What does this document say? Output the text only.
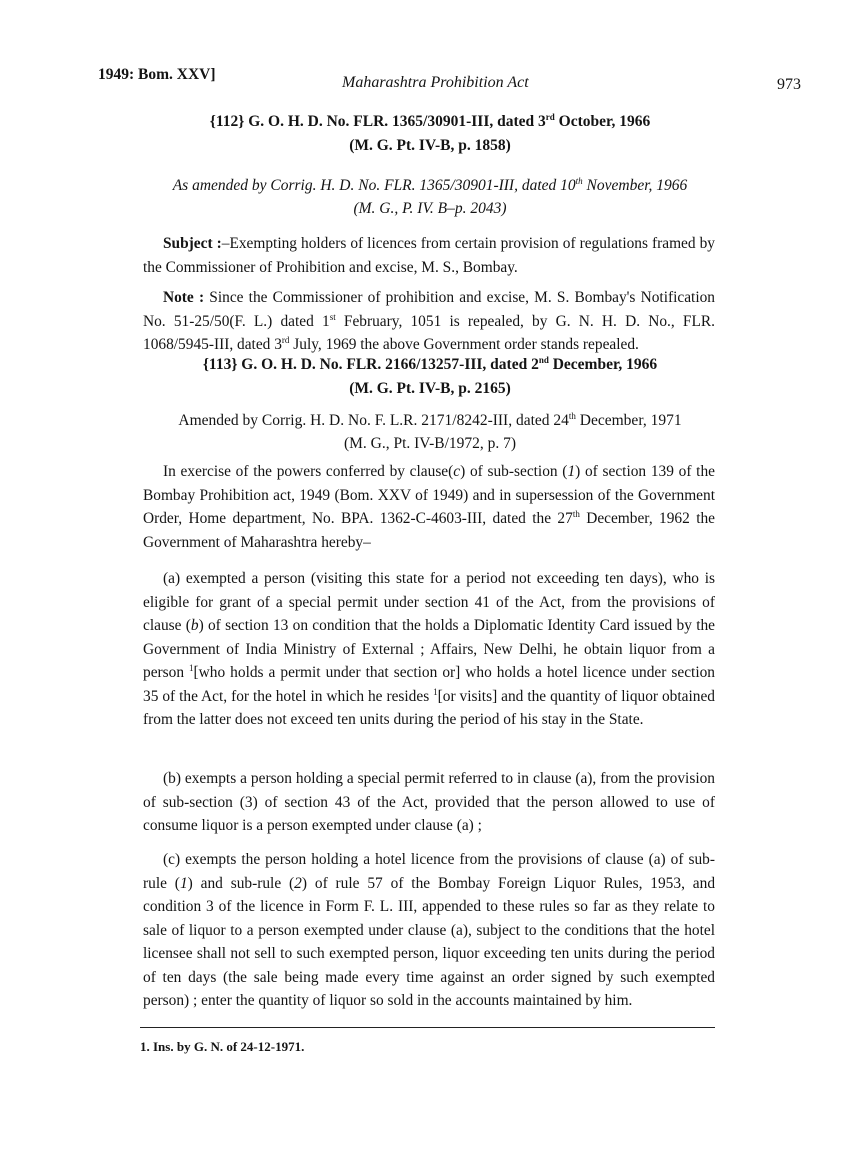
1949: Bom. XXV]	Maharashtra Prohibition Act	973
{112} G. O. H. D. No. FLR. 1365/30901-III, dated 3rd October, 1966
(M. G. Pt. IV-B, p. 1858)
As amended by Corrig. H. D. No. FLR. 1365/30901-III, dated 10th November, 1966
(M. G., P. IV. B–p. 2043)
Subject :–Exempting holders of licences from certain provision of regulations framed by the Commissioner of Prohibition and excise, M. S., Bombay.
Note : Since the Commissioner of prohibition and excise, M. S. Bombay's Notification No. 51-25/50(F. L.) dated 1st February, 1051 is repealed, by G. N. H. D. No., FLR. 1068/5945-III, dated 3rd July, 1969 the above Government order stands repealed.
{113} G. O. H. D. No. FLR. 2166/13257-III, dated 2nd December, 1966
(M. G. Pt. IV-B, p. 2165)
Amended by Corrig. H. D. No. F. L.R. 2171/8242-III, dated 24th December, 1971
(M. G., Pt. IV-B/1972, p. 7)
In exercise of the powers conferred by clause(c) of sub-section (1) of section 139 of the Bombay Prohibition act, 1949 (Bom. XXV of 1949) and in supersession of the Government Order, Home department, No. BPA. 1362-C-4603-III, dated the 27th December, 1962 the Government of Maharashtra hereby–
(a) exempted a person (visiting this state for a period not exceeding ten days), who is eligible for grant of a special permit under section 41 of the Act, from the provisions of clause (b) of section 13 on condition that the holds a Diplomatic Identity Card issued by the Government of India Ministry of External ; Affairs, New Delhi, he obtain liquor from a person $^1$[who holds a permit under that section or] who holds a hotel licence under section 35 of the Act, for the hotel in which he resides $^1$[or visits] and the quantity of liquor obtained from the latter does not exceed ten units during the period of his stay in the State.
(b) exempts a person holding a special permit referred to in clause (a), from the provision of sub-section (3) of section 43 of the Act, provided that the person allowed to use of consume liquor is a person exempted under clause (a) ;
(c) exempts the person holding a hotel licence from the provisions of clause (a) of sub-rule (1) and sub-rule (2) of rule 57 of the Bombay Foreign Liquor Rules, 1953, and condition 3 of the licence in Form F. L. III, appended to these rules so far as they relate to sale of liquor to a person exempted under clause (a), subject to the conditions that the hotel licensee shall not sell to such exempted person, liquor exceeding ten units during the period of ten days (the sale being made every time against an order signed by such exempted person) ; enter the quantity of liquor so sold in the accounts maintained by him.
1. Ins. by G. N. of 24-12-1971.
